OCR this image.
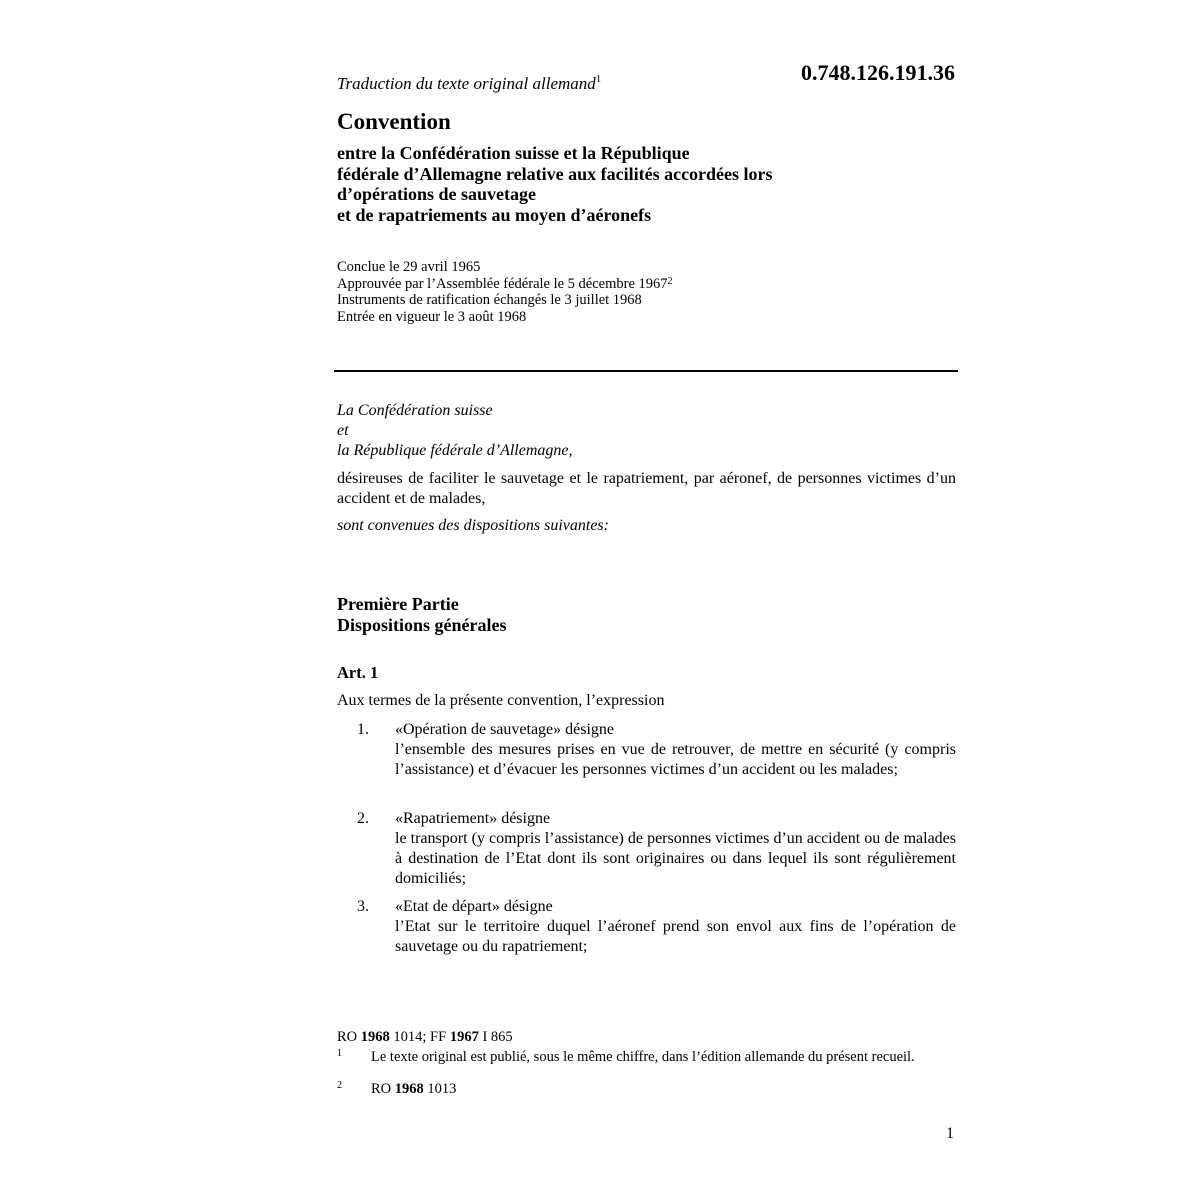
Traduction du texte original allemand$^1$	0.748.126.191.36
Convention
entre la Confédération suisse et la République
fédérale d’Allemagne relative aux facilités accordées lors
d’opérations de sauvetage
et de rapatriements au moyen d’aéronefs
Conclue le 29 avril 1965
Approuvée par l’Assemblée fédérale le 5 décembre 1967$^2$
Instruments de ratification échangés le 3 juillet 1968
Entrée en vigueur le 3 août 1968
La Confédération suisse
et
la République fédérale d’Allemagne,
désireuses de faciliter le sauvetage et le rapatriement, par aéronef, de personnes victimes d’un accident et de malades,
sont convenues des dispositions suivantes:
Première Partie
Dispositions générales
Art. 1
Aux termes de la présente convention, l’expression
1. «Opération de sauvetage» désigne
l’ensemble des mesures prises en vue de retrouver, de mettre en sécurité (y compris l’assistance) et d’évacuer les personnes victimes d’un accident ou les malades;
2. «Rapatriement» désigne
le transport (y compris l’assistance) de personnes victimes d’un accident ou de malades à destination de l’Etat dont ils sont originaires ou dans lequel ils sont régulièrement domiciliés;
3. «Etat de départ» désigne
l’Etat sur le territoire duquel l’aéronef prend son envol aux fins de l’opération de sauvetage ou du rapatriement;
RO 1968 1014; FF 1967 I 865
1 Le texte original est publié, sous le même chiffre, dans l’édition allemande du présent recueil.
2 RO 1968 1013
1
